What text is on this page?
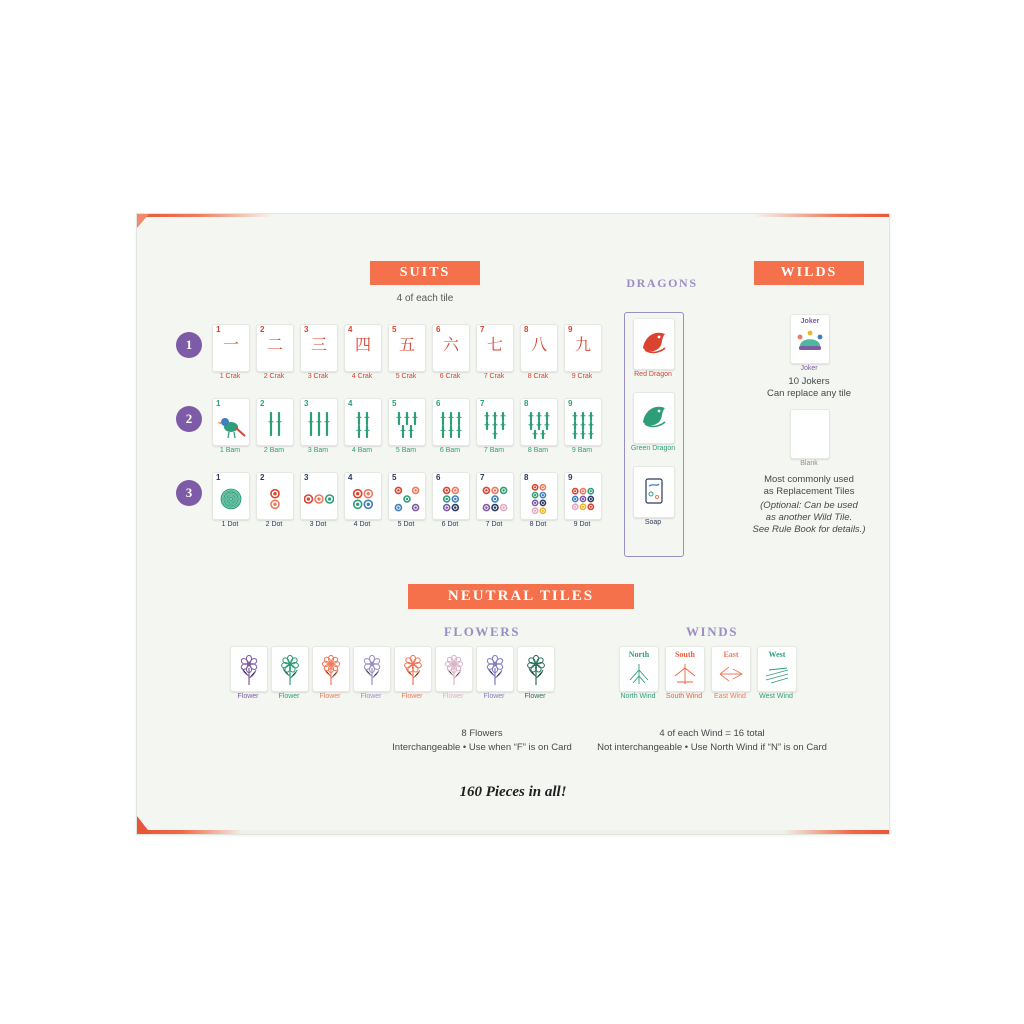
SUITS
4 of each tile
DRAGONS
WILDS
1
2
3
1
一
1 Crak
2
二
2 Crak
3
三
3 Crak
4
四
4 Crak
5
五
5 Crak
6
六
6 Crak
7
七
7 Crak
8
八
8 Crak
9
九
9 Crak
1
1 Bam
2
2 Bam
3
3 Bam
4
4 Bam
5
5 Bam
6
6 Bam
7
7 Bam
8
8 Bam
9
9 Bam
1
1 Dot
2
2 Dot
3
3 Dot
4
4 Dot
5
5 Dot
6
6 Dot
7
7 Dot
8
8 Dot
9
9 Dot
Red Dragon
Green Dragon
Soap
Joker
Joker
Blank
Flower	Flower	Flower	Flower	Flower	Flower	Flower	Flower
North
North Wind
South
South Wind
East
East Wind
West
West Wind
10 Jokers
Can replace any tile
Most commonly used
as Replacement Tiles
(Optional: Can be used
as another Wild Tile.
See Rule Book for details.)
NEUTRAL TILES
FLOWERS	WINDS
8 Flowers
Interchangeable • Use when “F” is on Card
4 of each Wind = 16 total
Not interchangeable • Use North Wind if “N” is on Card
160 Pieces in all!
